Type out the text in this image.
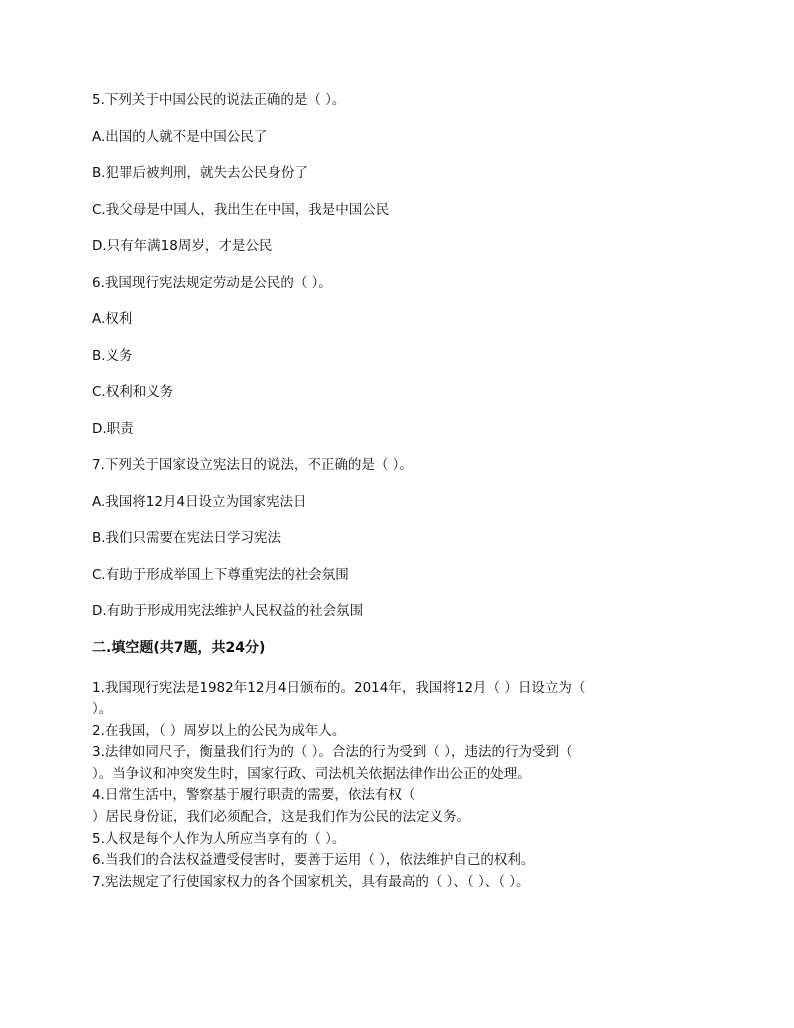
5.下列关于中国公民的说法正确的是（ ）。
A.出国的人就不是中国公民了
B.犯罪后被判刑，就失去公民身份了
C.我父母是中国人，我出生在中国，我是中国公民
D.只有年满18周岁，才是公民
6.我国现行宪法规定劳动是公民的（ ）。
A.权利
B.义务
C.权利和义务
D.职责
7.下列关于国家设立宪法日的说法，不正确的是（ ）。
A.我国将12月4日设立为国家宪法日
B.我们只需要在宪法日学习宪法
C.有助于形成举国上下尊重宪法的社会氛围
D.有助于形成用宪法维护人民权益的社会氛围
二.填空题(共7题，共24分)
1.我国现行宪法是1982年12月4日颁布的。2014年，我国将12月（ ）日设立为（
）。
2.在我国，（ ）周岁以上的公民为成年人。
3.法律如同尺子，衡量我们行为的（ ）。合法的行为受到（ ），违法的行为受到（
）。当争议和冲突发生时，国家行政、司法机关依据法律作出公正的处理。
4.日常生活中，警察基于履行职责的需要，依法有权（
）居民身份证，我们必须配合，这是我们作为公民的法定义务。
5.人权是每个人作为人所应当享有的（ ）。
6.当我们的合法权益遭受侵害时，要善于运用（ ），依法维护自己的权利。
7.宪法规定了行使国家权力的各个国家机关，具有最高的（ ）、（ ）、（ ）。
